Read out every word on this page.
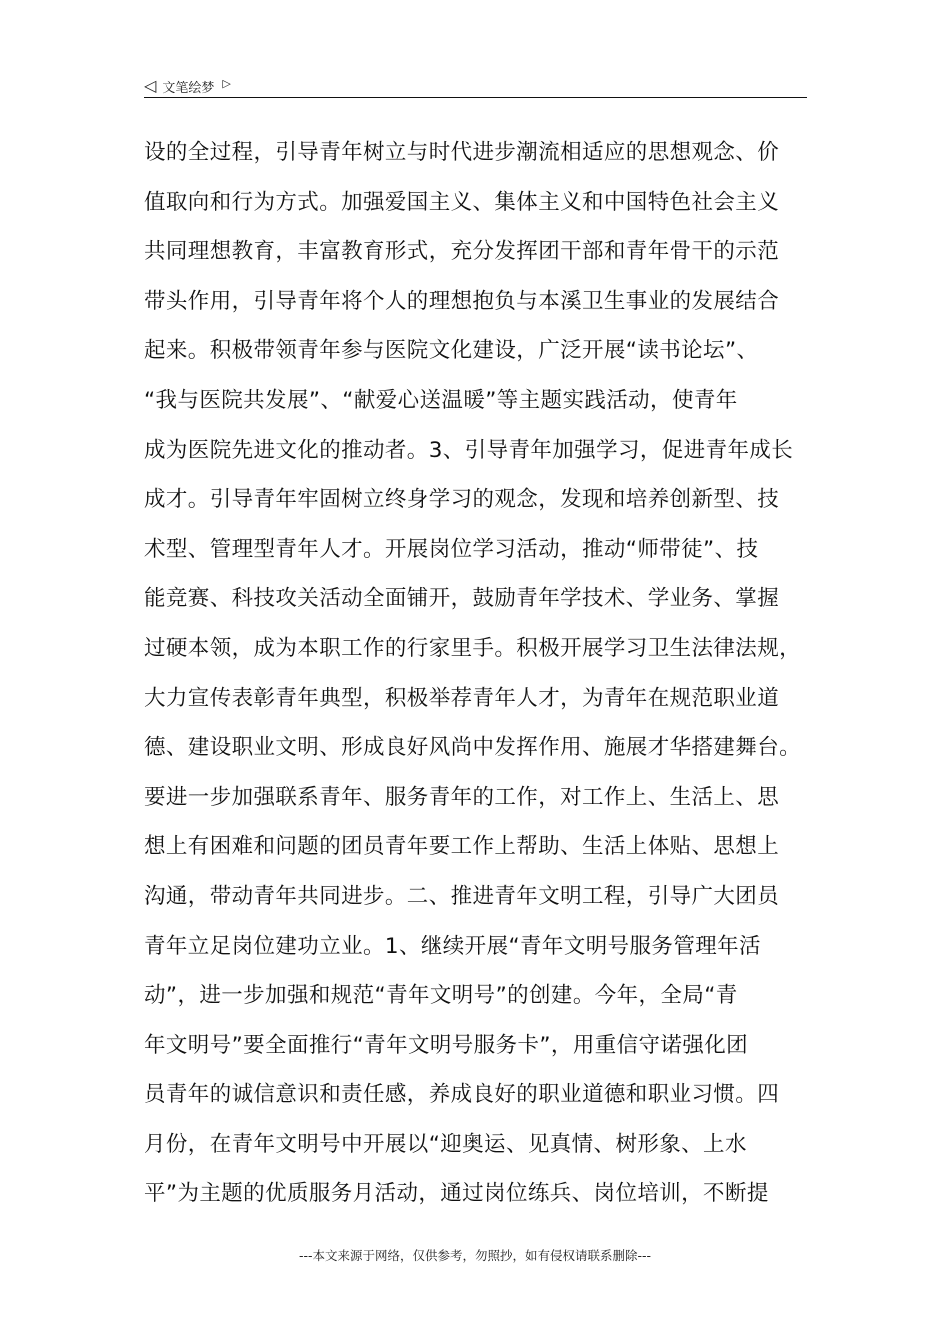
◁ 文笔绘梦 ▷
设的全过程，引导青年树立与时代进步潮流相适应的思想观念、价
值取向和行为方式。加强爱国主义、集体主义和中国特色社会主义
共同理想教育，丰富教育形式，充分发挥团干部和青年骨干的示范
带头作用，引导青年将个人的理想抱负与本溪卫生事业的发展结合
起来。积极带领青年参与医院文化建设，广泛开展“读书论坛”、
“我与医院共发展”、“献爱心送温暖”等主题实践活动，使青年
成为医院先进文化的推动者。3、引导青年加强学习，促进青年成长
成才。引导青年牢固树立终身学习的观念，发现和培养创新型、技
术型、管理型青年人才。开展岗位学习活动，推动“师带徒”、技
能竞赛、科技攻关活动全面铺开，鼓励青年学技术、学业务、掌握
过硬本领，成为本职工作的行家里手。积极开展学习卫生法律法规，
大力宣传表彰青年典型，积极举荐青年人才，为青年在规范职业道
德、建设职业文明、形成良好风尚中发挥作用、施展才华搭建舞台。
要进一步加强联系青年、服务青年的工作，对工作上、生活上、思
想上有困难和问题的团员青年要工作上帮助、生活上体贴、思想上
沟通，带动青年共同进步。二、推进青年文明工程，引导广大团员
青年立足岗位建功立业。1、继续开展“青年文明号服务管理年活
动”，进一步加强和规范“青年文明号”的创建。今年，全局“青
年文明号”要全面推行“青年文明号服务卡”，用重信守诺强化团
员青年的诚信意识和责任感，养成良好的职业道德和职业习惯。四
月份，在青年文明号中开展以“迎奥运、见真情、树形象、上水
平”为主题的优质服务月活动，通过岗位练兵、岗位培训，不断提
---本文来源于网络，仅供参考，勿照抄，如有侵权请联系删除---
